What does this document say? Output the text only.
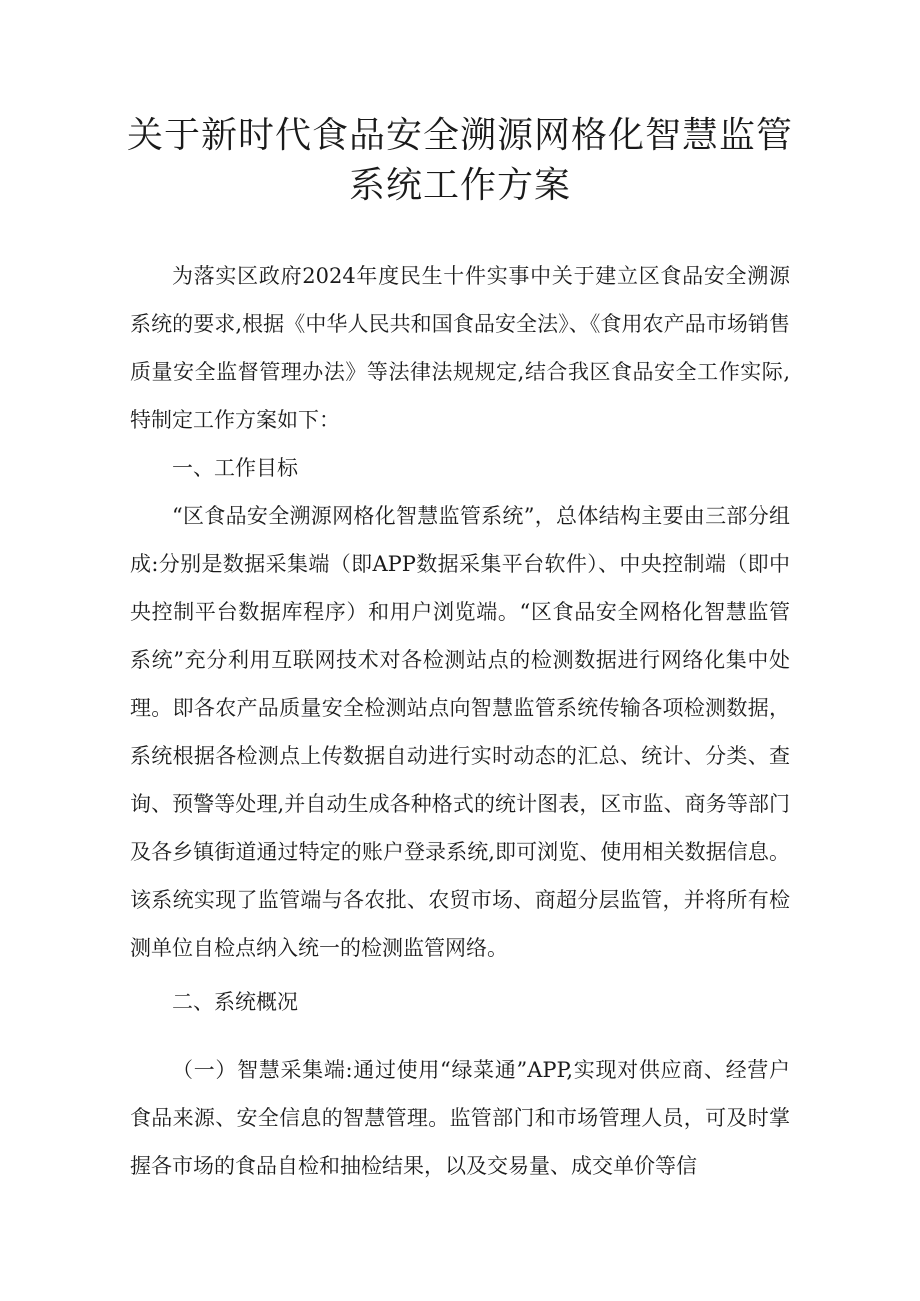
关于新时代食品安全溯源网格化智慧监管
系统工作方案

为落实区政府2024年度民生十件实事中关于建立区食品安全溯源系统的要求,根据《中华人民共和国食品安全法》、《食用农产品市场销售质量安全监督管理办法》等法律法规规定,结合我区食品安全工作实际,特制定工作方案如下：

一、工作目标

“区食品安全溯源网格化智慧监管系统”，总体结构主要由三部分组成:分别是数据采集端（即APP数据采集平台软件）、中央控制端（即中央控制平台数据库程序）和用户浏览端。“区食品安全网格化智慧监管系统”充分利用互联网技术对各检测站点的检测数据进行网络化集中处理。即各农产品质量安全检测站点向智慧监管系统传输各项检测数据，系统根据各检测点上传数据自动进行实时动态的汇总、统计、分类、查询、预警等处理,并自动生成各种格式的统计图表，区市监、商务等部门及各乡镇街道通过特定的账户登录系统,即可浏览、使用相关数据信息。该系统实现了监管端与各农批、农贸市场、商超分层监管，并将所有检测单位自检点纳入统一的检测监管网络。

二、系统概况

（一）智慧采集端:通过使用“绿菜通”APP,实现对供应商、经营户食品来源、安全信息的智慧管理。监管部门和市场管理人员，可及时掌握各市场的食品自检和抽检结果，以及交易量、成交单价等信
